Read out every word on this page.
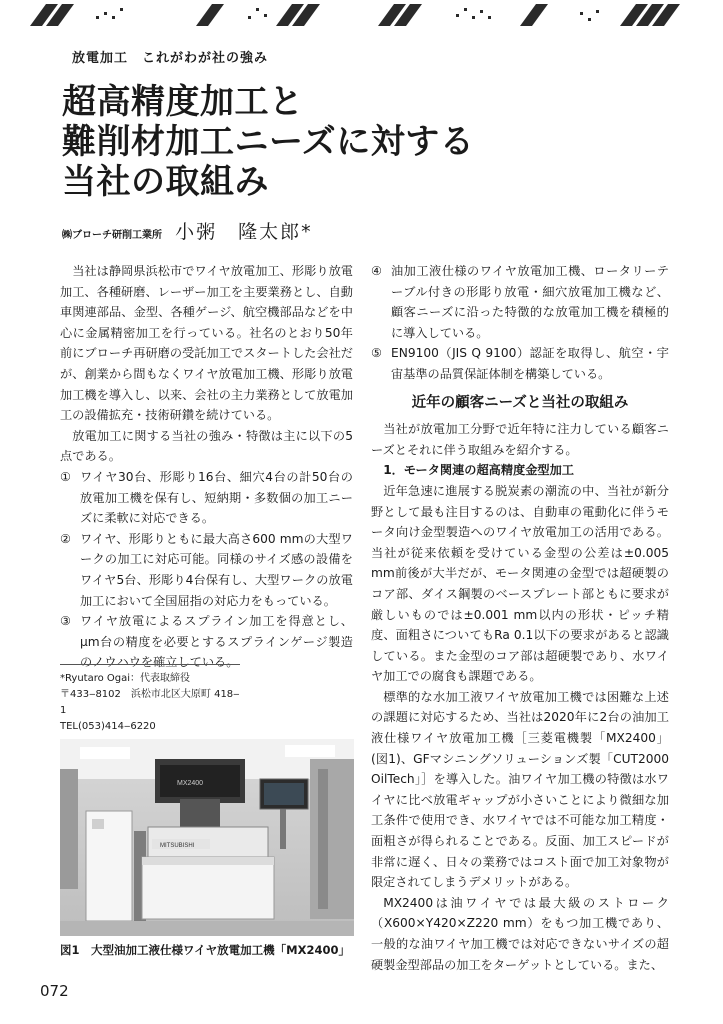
放電加工　これがわが社の強み
超高精度加工と
難削材加工ニーズに対する
当社の取組み
㈱ブローチ研削工業所 小粥　隆太郎*

当社は静岡県浜松市でワイヤ放電加工、形彫り放電加工、各種研磨、レーザー加工を主要業務とし、自動車関連部品、金型、各種ゲージ、航空機部品などを中心に金属精密加工を行っている。社名のとおり50年前にブローチ再研磨の受託加工でスタートした会社だが、創業から間もなくワイヤ放電加工機、形彫り放電加工機を導入し、以来、会社の主力業務として放電加工の設備拡充・技術研鑽を続けている。

放電加工に関する当社の強み・特徴は主に以下の5点である。

① ワイヤ30台、形彫り16台、細穴4台の計50台の放電加工機を保有し、短納期・多数個の加工ニーズに柔軟に対応できる。

② ワイヤ、形彫りともに最大高さ600 mmの大型ワークの加工に対応可能。同様のサイズ感の設備をワイヤ5台、形彫り4台保有し、大型ワークの放電加工において全国屈指の対応力をもっている。

③ ワイヤ放電によるスプライン加工を得意とし、μm台の精度を必要とするスプラインゲージ製造のノウハウを確立している。

*Ryutaro Ogai：代表取締役
〒433‒8102　浜松市北区大原町 418‒1
TEL(053)414‒6220
MX2400
MITSUBISHI
図1　大型油加工液仕様ワイヤ放電加工機「MX2400」
072

④ 油加工液仕様のワイヤ放電加工機、ロータリーテーブル付きの形彫り放電・細穴放電加工機など、顧客ニーズに沿った特徴的な放電加工機を積極的に導入している。

⑤ EN9100（JIS Q 9100）認証を取得し、航空・宇宙基準の品質保証体制を構築している。

近年の顧客ニーズと当社の取組み

当社が放電加工分野で近年特に注力している顧客ニーズとそれに伴う取組みを紹介する。

1．モータ関連の超高精度金型加工

近年急速に進展する脱炭素の潮流の中、当社が新分野として最も注目するのは、自動車の電動化に伴うモータ向け金型製造へのワイヤ放電加工の活用である。当社が従来依頼を受けている金型の公差は±0.005 mm前後が大半だが、モータ関連の金型では超硬製のコア部、ダイス鋼製のベースプレート部ともに要求が厳しいものでは±0.001 mm以内の形状・ピッチ精度、面粗さについてもRa 0.1以下の要求があると認識している。また金型のコア部は超硬製であり、水ワイヤ加工での腐食も課題である。

標準的な水加工液ワイヤ放電加工機では困難な上述の課題に対応するため、当社は2020年に2台の油加工液仕様ワイヤ放電加工機［三菱電機製「MX2400」(図1)、GFマシニングソリューションズ製「CUT2000 OilTech」］を導入した。油ワイヤ加工機の特徴は水ワイヤに比べ放電ギャップが小さいことにより微細な加工条件で使用でき、水ワイヤでは不可能な加工精度・面粗さが得られることである。反面、加工スピードが非常に遅く、日々の業務ではコスト面で加工対象物が限定されてしまうデメリットがある。

MX2400は油ワイヤでは最大級のストローク（X600×Y420×Z220 mm）をもつ加工機であり、一般的な油ワイヤ加工機では対応できないサイズの超硬製金型部品の加工をターゲットとしている。また、
